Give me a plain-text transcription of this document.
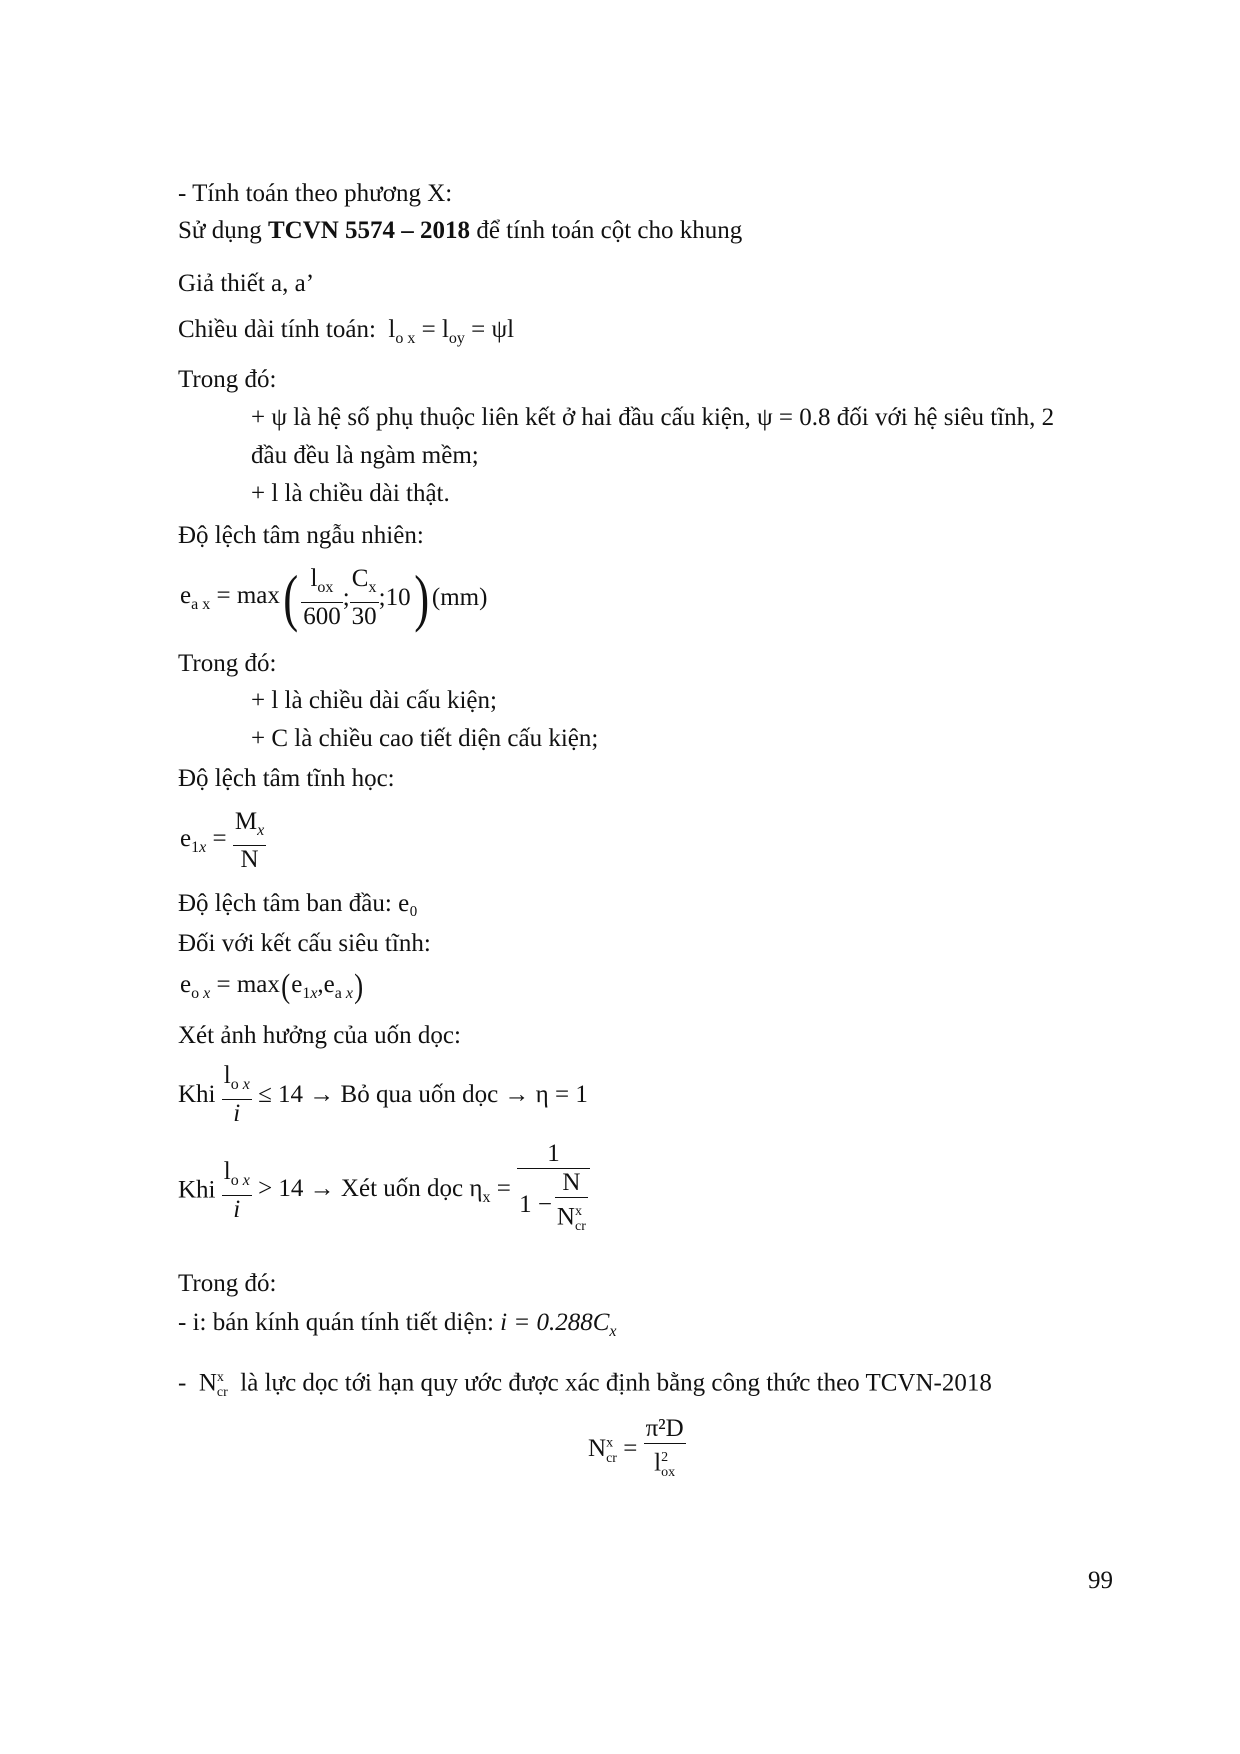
- Tính toán theo phương X:
Sử dụng TCVN 5574 – 2018 để tính toán cột cho khung
Giả thiết a, a’
Chiều dài tính toán: $l_{o x} = l_{oy} = \psi l$
Trong đó:
+ ψ là hệ số phụ thuộc liên kết ở hai đầu cấu kiện, ψ = 0.8 đối với hệ siêu tĩnh, 2
đầu đều là ngàm mềm;
+ l là chiều dài thật.
Độ lệch tâm ngẫu nhiên:
$e_{a x} = \max( \frac{l_{ox}}{600}$ ; $\frac{C_x}{30}$ ;10) (mm)
Trong đó:
+ l là chiều dài cấu kiện;
+ C là chiều cao tiết diện cấu kiện;
Độ lệch tâm tĩnh học:
$e_{1x} = \frac{M_x}{N}$
Độ lệch tâm ban đầu: e₀
Đối với kết cấu siêu tĩnh:
$e_{o x} = \max(e_{1x},e_{a x})$
Xét ảnh hưởng của uốn dọc:
Khi $\frac{l_{o x}}{i} \le 14$ → Bỏ qua uốn dọc → η = 1
Khi $\frac{l_{o x}}{i} > 14$ → Xét uốn dọc $\eta_x = \frac{1}{1 - \frac{N}{N^x_{cr}}}$
Trong đó:
- i: bán kính quán tính tiết diện: $i = 0.288C_x$
-  $N^x_{cr}$ là lực dọc tới hạn quy ước được xác định bằng công thức theo TCVN-2018
$N^x_{cr} = \frac{\text{π²D}}{l^2_{ox}}$
99
